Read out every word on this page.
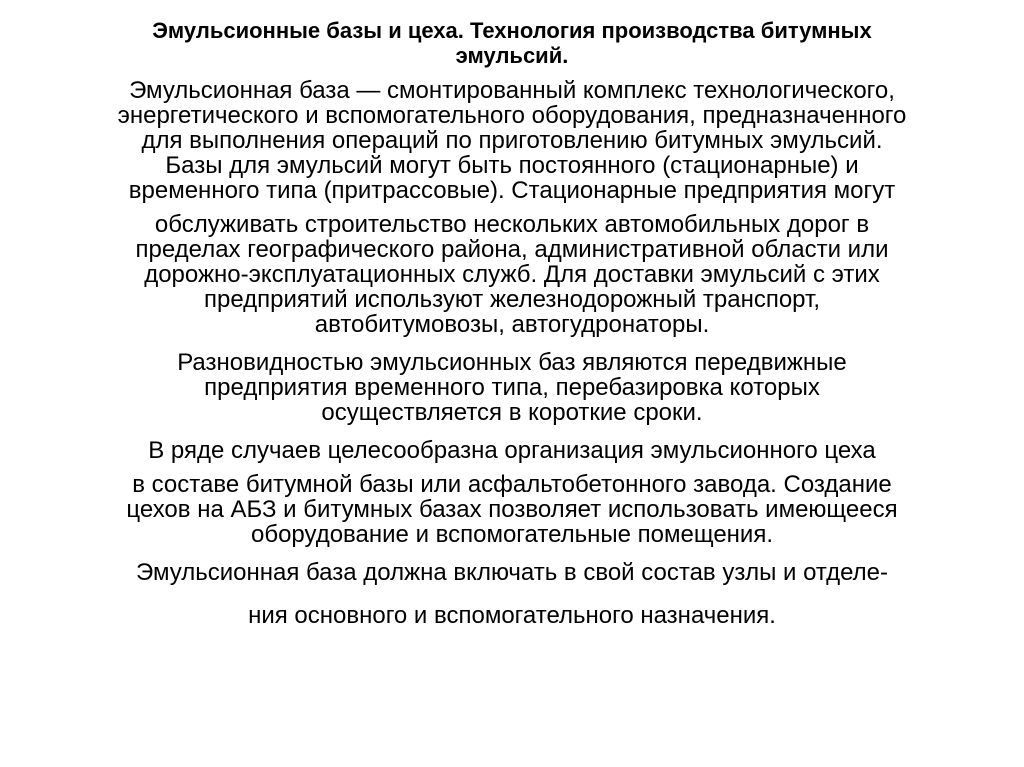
Эмульсионные базы и цеха. Технология производства битумных
эмульсий.
Эмульсионная база — смонтированный комплекс технологического,
энергетического и вспомогательного оборудования, предназначенного
для выполнения операций по приготовлению битумных эмульсий.
Базы для эмульсий могут быть постоянного (стационарные) и
временного типа (притрассовые). Стационарные предприятия могут
обслуживать строительство нескольких автомобильных дорог в
пределах географического района, административной области или
дорожно-эксплуатационных служб. Для доставки эмульсий с этих
предприятий используют железнодорожный транспорт,
автобитумовозы, автогудронаторы.
Разновидностью эмульсионных баз являются передвижные
предприятия временного типа, перебазировка которых
осуществляется в короткие сроки.
В ряде случаев целесообразна организация эмульсионного цеха
в составе битумной базы или асфальтобетонного завода. Создание
цехов на АБЗ и битумных базах позволяет использовать имеющееся
оборудование и вспомогательные помещения.
Эмульсионная база должна включать в свой состав узлы и отделе-
ния основного и вспомогательного назначения.
